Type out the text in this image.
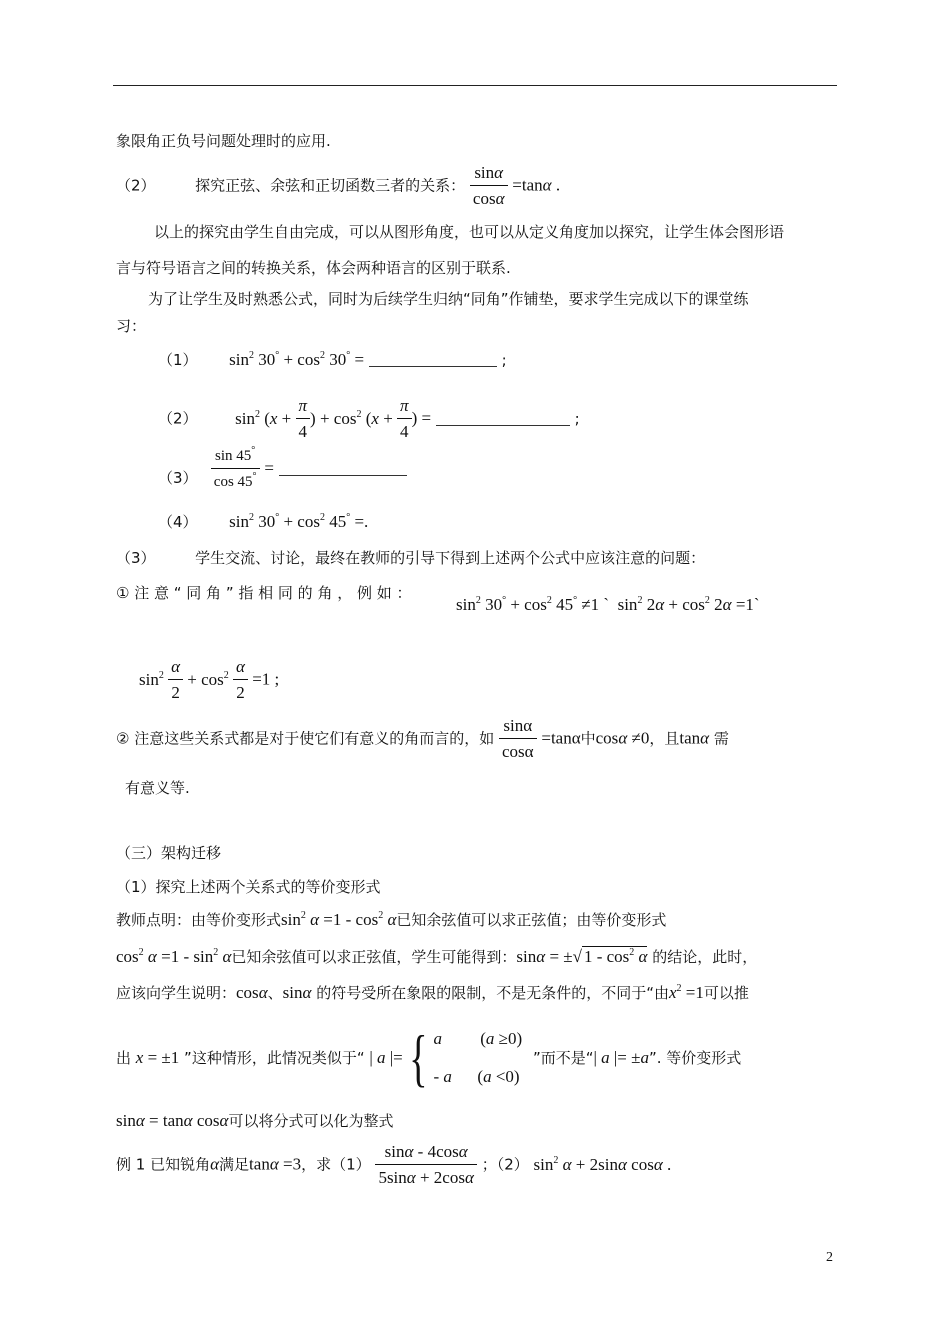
象限角正负号问题处理时的应用.
（2）	探究正弦、余弦和正切函数三者的关系： $\frac{\sin\alpha}{\cos\alpha} =\tan\alpha$ .
以上的探究由学生自由完成，可以从图形角度，也可以从定义角度加以探究，让学生体会图形语
言与符号语言之间的转换关系，体会两种语言的区别于联系.
为了让学生及时熟悉公式，同时为后续学生归纳“同角”作铺垫，要求学生完成以下的课堂练
习：
（1） $\sin^2 30^\circ + \cos^2 30^\circ$ =	;
（2） $\sin^2 (x + \frac{\pi}{4}$ ) + $\cos^2 (x + \frac{\pi}{4}$ ) =	;
$(3) \frac{\sin 45^\circ}{\cos 45^\circ}$ =
（4） $\sin^2 30^\circ + \cos^2 45^\circ$ =.
（3）	学生交流、讨论，最终在教师的引导下得到上述两个公式中应该注意的问题：
① 注 意 “ 同 角 ” 指 相 同 的 角 ， 例 如 ：
$\sin^2 30^\circ + \cos^2 45^\circ \ne 1$ `  $\sin^2 2\alpha + \cos^2 2\alpha$ =1`
$\sin^2 \frac{\alpha}{2} + \cos^2 \frac{\alpha}{2} =1$ ;
② 注意这些关系式都是对于使它们有意义的角而言的，如 $\frac{\sin\alpha}{\cos\alpha} =\tan\alpha$中cosα ≠0，且tanα 需
有意义等.
（三）架构迁移
（1）探究上述两个关系式的等价变形式
教师点明：由等价变形式$\sin^2 \alpha =1 - \cos^2 \alpha$已知余弦值可以求正弦值；由等价变形式
$\cos^2 \alpha =1 - \sin^2 \alpha$已知余弦值可以求正弦值，学生可能得到：sinα = ±√ $1 - \cos^2 \alpha$ 的结论，此时，
应该向学生说明：cosα、sinα 的符号受所在象限的限制，不是无条件的，不同于“由$x^2 =1$可以推
出 x = ±1 ”这种情形，此情况类似于“ | a |={ a         (a ≥0)
- a      (a <0)
”而不是“| a |= ±a”. 等价变形式
sinα = tanα cosα可以将分式可以化为整式
例 1 已知锐角α满足tanα =3，求$(1) \frac{\sin\alpha - 4\cos\alpha}{5\sin\alpha + 2\cos\alpha}$ ；（2） $\sin^2 \alpha + 2\sin\alpha$ cosα .
2
